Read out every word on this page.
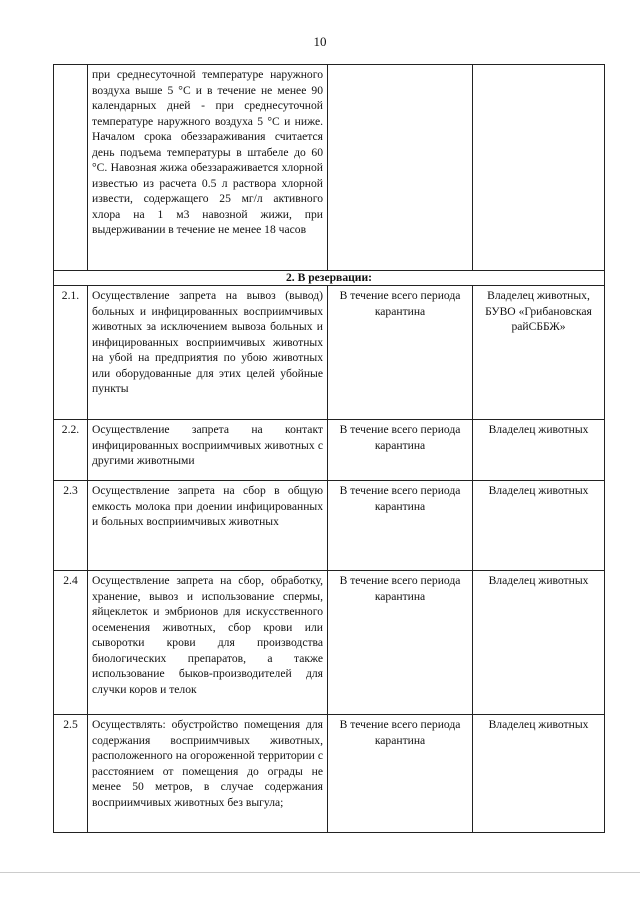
10
	при среднесуточной температуре наружного воздуха выше 5 °С и в течение не менее 90 календарных дней - при среднесуточной температуре наружного воздуха 5 °С и ниже. Началом срока обеззараживания считается день подъема температуры в штабеле до 60 °С. Навозная жижа обеззараживается хлорной известью из расчета 0.5 л раствора хлорной извести, содержащего 25 мг/л активного хлора на 1 м3 навозной жижи, при выдерживании в течение не менее 18 часов		
2. В резервации:			
2.1.	Осуществление запрета на вывоз (вывод) больных и инфицированных восприимчивых животных за исключением вывоза больных и инфицированных восприимчивых животных на убой на предприятия по убою животных или оборудованные для этих целей убойные пункты	В течение всего периода карантина	Владелец животных, БУВО «Грибановская райСББЖ»
2.2.	Осуществление запрета на контакт инфицированных восприимчивых животных с другими животными	В течение всего периода карантина	Владелец животных
2.3	Осуществление запрета на сбор в общую емкость молока при доении инфицированных и больных восприимчивых животных	В течение всего периода карантина	Владелец животных
2.4	Осуществление запрета на сбор, обработку, хранение, вывоз и использование спермы, яйцеклеток и эмбрионов для искусственного осеменения животных, сбор крови или сыворотки крови для производства биологических препаратов, а также использование быков-производителей для случки коров и телок	В течение всего периода карантина	Владелец животных
2.5	Осуществлять: обустройство помещения для содержания восприимчивых животных, расположенного на огороженной территории с расстоянием от помещения до ограды не менее 50 метров, в случае содержания восприимчивых животных без выгула;	В течение всего периода карантина	Владелец животных
